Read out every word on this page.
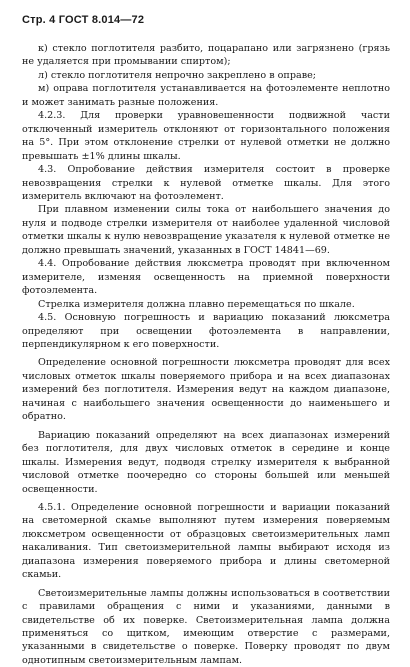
Стр. 4 ГОСТ 8.014—72

к) стекло поглотителя разбито, поцарапано или загрязнено (грязь не удаляется при промывании спиртом);

л) стекло поглотителя непрочно закреплено в оправе;

м) оправа поглотителя устанавливается на фотоэлементе неплотно и может занимать разные положения.

4.2.3. Для проверки уравновешенности подвижной части отключенный измеритель отклоняют от горизонтального положения на 5°. При этом отклонение стрелки от нулевой отметки не должно превышать ±1% длины шкалы.

4.3. Опробование действия измерителя состоит в проверке невозвращения стрелки к нулевой отметке шкалы. Для этого измеритель включают на фотоэлемент.

При плавном изменении силы тока от наибольшего значения до нуля и подводе стрелки измерителя от наиболее удаленной числовой отметки шкалы к нулю невозвращение указателя к нулевой отметке не должно превышать значений, указанных в ГОСТ 14841—69.

4.4. Опробование действия люксметра проводят при включенном измерителе, изменяя освещенность на приемной поверхности фотоэлемента.

Стрелка измерителя должна плавно перемещаться по шкале.

4.5. Основную погрешность и вариацию показаний люксметра определяют при освещении фотоэлемента в направлении, перпендикулярном к его поверхности.

Определение основной погрешности люксметра проводят для всех числовых отметок шкалы поверяемого прибора и на всех диапазонах измерений без поглотителя. Измерения ведут на каждом диапазоне, начиная с наибольшего значения освещенности до наименьшего и обратно.

Вариацию показаний определяют на всех диапазонах измерений без поглотителя, для двух числовых отметок в середине и конце шкалы. Измерения ведут, подводя стрелку измерителя к выбранной числовой отметке поочередно со стороны большей или меньшей освещенности.

4.5.1. Определение основной погрешности и вариации показаний на светомерной скамье выполняют путем измерения поверяемым люксметром освещенности от образцовых светоизмерительных ламп накаливания. Тип светоизмерительной лампы выбирают исходя из диапазона измерения поверяемого прибора и длины светомерной скамьи.

Светоизмерительные лампы должны использоваться в соответствии с правилами обращения с ними и указаниями, данными в свидетельстве об их поверке. Светоизмерительная лампа должна применяться со щитком, имеющим отверстие с размерами, указанными в свидетельстве о поверке. Поверку проводят по двум однотипным светоизмерительным лампам.
